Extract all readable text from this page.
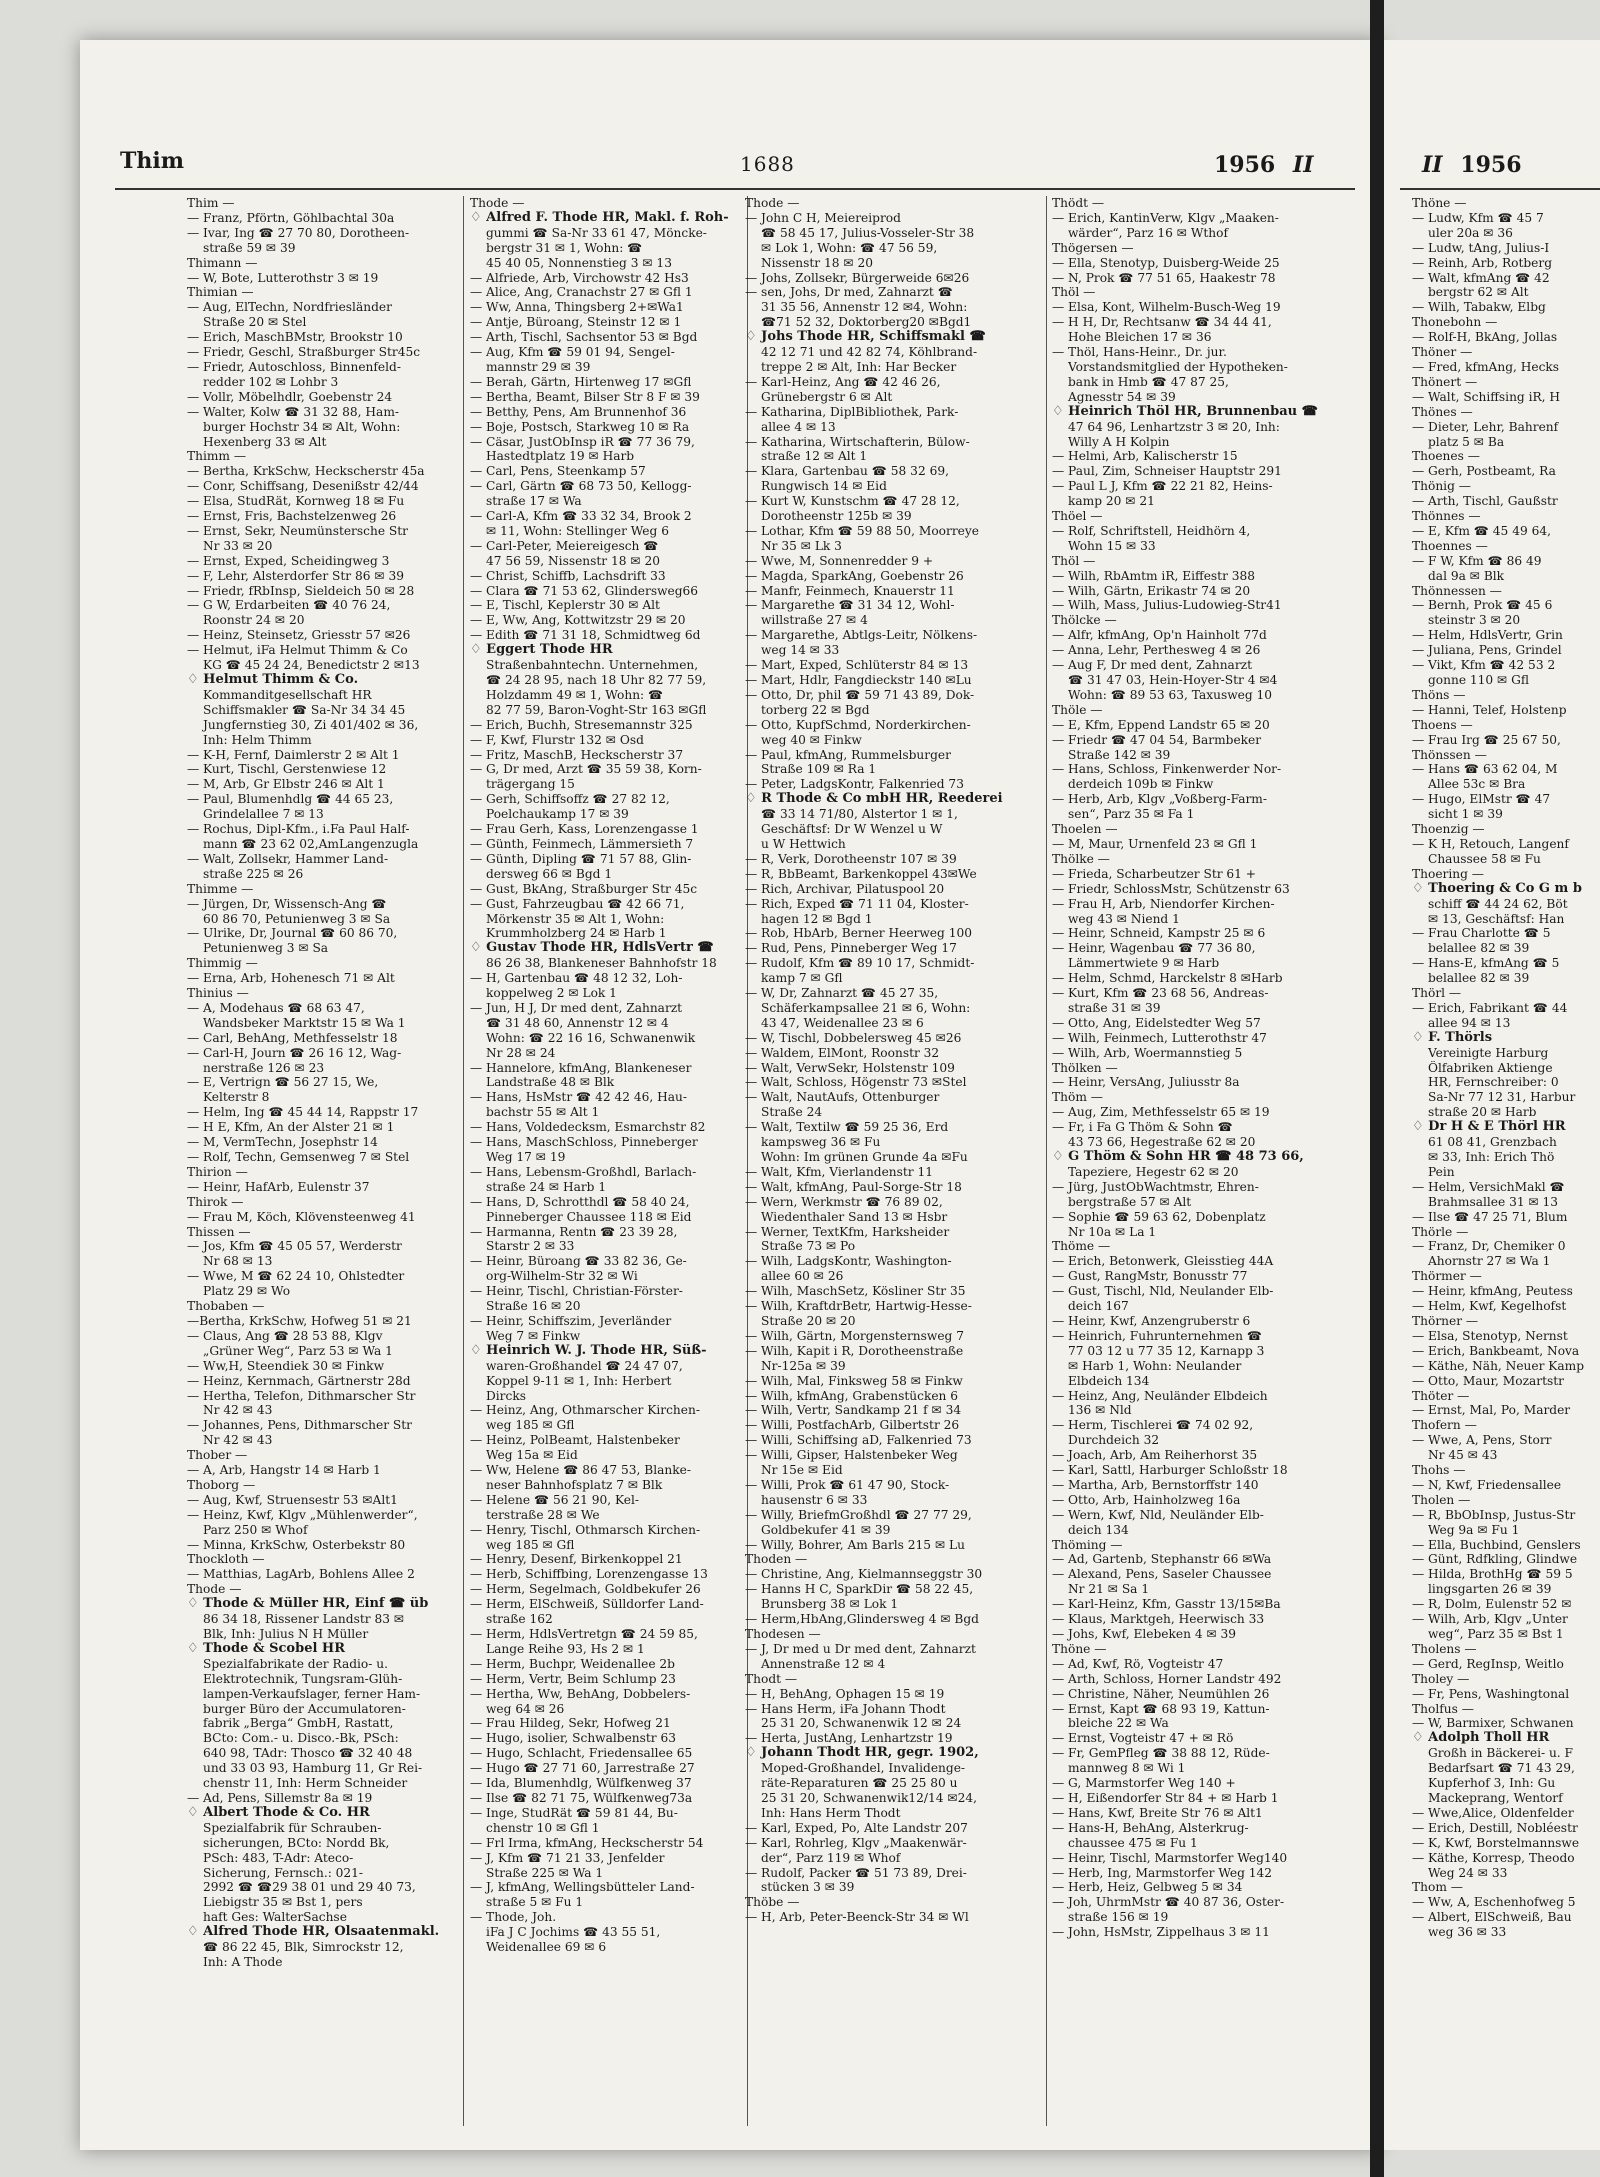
Thim	1688	1956 II	II 1956
Thim —
— Franz, Pförtn, Göhlbachtal 30a
— Ivar, Ing ☎ 27 70 80, Dorotheen-
straße 59 ✉ 39
Thimann —
— W, Bote, Lutterothstr 3 ✉ 19
Thimian —
— Aug, ElTechn, Nordfriesländer
Straße 20 ✉ Stel
— Erich, MaschBMstr, Brookstr 10
— Friedr, Geschl, Straßburger Str45c
— Friedr, Autoschloss, Binnenfeld-
redder 102 ✉ Lohbr 3
— Vollr, Möbelhdlr, Goebenstr 24
— Walter, Kolw ☎ 31 32 88, Ham-
burger Hochstr 34 ✉ Alt, Wohn:
Hexenberg 33 ✉ Alt
Thimm —
— Bertha, KrkSchw, Heckscherstr 45a
— Conr, Schiffsang, Desenißstr 42/44
— Elsa, StudRät, Kornweg 18 ✉ Fu
— Ernst, Fris, Bachstelzenweg 26
— Ernst, Sekr, Neumünstersche Str
Nr 33 ✉ 20
— Ernst, Exped, Scheidingweg 3
— F, Lehr, Alsterdorfer Str 86 ✉ 39
— Friedr, fRbInsp, Sieldeich 50 ✉ 28
— G W, Erdarbeiten ☎ 40 76 24,
Roonstr 24 ✉ 20
— Heinz, Steinsetz, Griesstr 57 ✉26
— Helmut, iFa Helmut Thimm & Co
KG ☎ 45 24 24, Benedictstr 2 ✉13
♢ Helmut Thimm & Co.
Kommanditgesellschaft HR
Schiffsmakler ☎ Sa-Nr 34 34 45
Jungfernstieg 30, Zi 401/402 ✉ 36,
Inh: Helm Thimm
— K-H, Fernf, Daimlerstr 2 ✉ Alt 1
— Kurt, Tischl, Gerstenwiese 12
— M, Arb, Gr Elbstr 246 ✉ Alt 1
— Paul, Blumenhdlg ☎ 44 65 23,
Grindelallee 7 ✉ 13
— Rochus, Dipl-Kfm., i.Fa Paul Half-
mann ☎ 23 62 02,AmLangenzugla
— Walt, Zollsekr, Hammer Land-
straße 225 ✉ 26
Thimme —
— Jürgen, Dr, Wissensch-Ang ☎
60 86 70, Petunienweg 3 ✉ Sa
— Ulrike, Dr, Journal ☎ 60 86 70,
Petunienweg 3 ✉ Sa
Thimmig —
— Erna, Arb, Hohenesch 71 ✉ Alt
Thinius —
— A, Modehaus ☎ 68 63 47,
Wandsbeker Marktstr 15 ✉ Wa 1
— Carl, BehAng, Methfesselstr 18
— Carl-H, Journ ☎ 26 16 12, Wag-
nerstraße 126 ✉ 23
— E, Vertrign ☎ 56 27 15, We,
Kelterstr 8
— Helm, Ing ☎ 45 44 14, Rappstr 17
— H E, Kfm, An der Alster 21 ✉ 1
— M, VermTechn, Josephstr 14
— Rolf, Techn, Gemsenweg 7 ✉ Stel
Thirion —
— Heinr, HafArb, Eulenstr 37
Thirok —
— Frau M, Köch, Klövensteenweg 41
Thissen —
— Jos, Kfm ☎ 45 05 57, Werderstr
Nr 68 ✉ 13
— Wwe, M ☎ 62 24 10, Ohlstedter
Platz 29 ✉ Wo
Thobaben —
—Bertha, KrkSchw, Hofweg 51 ✉ 21
— Claus, Ang ☎ 28 53 88, Klgv
„Grüner Weg“, Parz 53 ✉ Wa 1
— Ww,H, Steendiek 30 ✉ Finkw
— Heinz, Kernmach, Gärtnerstr 28d
— Hertha, Telefon, Dithmarscher Str
Nr 42 ✉ 43
— Johannes, Pens, Dithmarscher Str
Nr 42 ✉ 43
Thober —
— A, Arb, Hangstr 14 ✉ Harb 1
Thoborg —
— Aug, Kwf, Struensestr 53 ✉Alt1
— Heinz, Kwf, Klgv „Mühlenwerder“,
Parz 250 ✉ Whof
— Minna, KrkSchw, Osterbekstr 80
Thockloth —
— Matthias, LagArb, Bohlens Allee 2
Thode —
♢ Thode & Müller HR, Einf ☎ üb
86 34 18, Rissener Landstr 83 ✉
Blk, Inh: Julius N H Müller
♢ Thode & Scobel HR
Spezialfabrikate der Radio- u.
Elektrotechnik, Tungsram-Glüh-
lampen-Verkaufslager, ferner Ham-
burger Büro der Accumulatoren-
fabrik „Berga“ GmbH, Rastatt,
BCto: Com.- u. Disco.-Bk, PSch:
640 98, TAdr: Thosco ☎ 32 40 48
und 33 03 93, Hamburg 11, Gr Rei-
chenstr 11, Inh: Herm Schneider
— Ad, Pens, Sillemstr 8a ✉ 19
♢ Albert Thode & Co. HR
Spezialfabrik für Schrauben-
sicherungen, BCto: Nordd Bk,
PSch: 483, T-Adr: Ateco-
Sicherung, Fernsch.: 021-
2992 ☎ ☎29 38 01 und 29 40 73,
Liebigstr 35 ✉ Bst 1, pers
haft Ges: WalterSachse
♢ Alfred Thode HR, Ölsaatenmakl.
☎ 86 22 45, Blk, Simrockstr 12,
Inh: A Thode
Thode —
♢ Alfred F. Thode HR, Makl. f. Roh-
gummi ☎ Sa-Nr 33 61 47, Möncke-
bergstr 31 ✉ 1, Wohn: ☎
45 40 05, Nonnenstieg 3 ✉ 13
— Alfriede, Arb, Virchowstr 42 Hs3
— Alice, Ang, Cranachstr 27 ✉ Gfl 1
— Ww, Anna, Thingsberg 2+✉Wa1
— Antje, Büroang, Steinstr 12 ✉ 1
— Arth, Tischl, Sachsentor 53 ✉ Bgd
— Aug, Kfm ☎ 59 01 94, Sengel-
mannstr 29 ✉ 39
— Berah, Gärtn, Hirtenweg 17 ✉Gfl
— Bertha, Beamt, Bilser Str 8 F ✉ 39
— Betthy, Pens, Am Brunnenhof 36
— Boje, Postsch, Starkweg 10 ✉ Ra
— Cäsar, JustObInsp iR ☎ 77 36 79,
Hastedtplatz 19 ✉ Harb
— Carl, Pens, Steenkamp 57
— Carl, Gärtn ☎ 68 73 50, Kellogg-
straße 17 ✉ Wa
— Carl-A, Kfm ☎ 33 32 34, Brook 2
✉ 11, Wohn: Stellinger Weg 6
— Carl-Peter, Meiereigesch ☎
47 56 59, Nissenstr 18 ✉ 20
— Christ, Schiffb, Lachsdrift 33
— Clara ☎ 71 53 62, Glindersweg66
— E, Tischl, Keplerstr 30 ✉ Alt
— E, Ww, Ang, Kottwitzstr 29 ✉ 20
— Edith ☎ 71 31 18, Schmidtweg 6d
♢ Eggert Thode HR
Straßenbahntechn. Unternehmen,
☎ 24 28 95, nach 18 Uhr 82 77 59,
Holzdamm 49 ✉ 1, Wohn: ☎
82 77 59, Baron-Voght-Str 163 ✉Gfl
— Erich, Buchh, Stresemannstr 325
— F, Kwf, Flurstr 132 ✉ Osd
— Fritz, MaschB, Heckscherstr 37
— G, Dr med, Arzt ☎ 35 59 38, Korn-
trägergang 15
— Gerh, Schiffsoffz ☎ 27 82 12,
Poelchaukamp 17 ✉ 39
— Frau Gerh, Kass, Lorenzengasse 1
— Günth, Feinmech, Lämmersieth 7
— Günth, Dipling ☎ 71 57 88, Glin-
dersweg 66 ✉ Bgd 1
— Gust, BkAng, Straßburger Str 45c
— Gust, Fahrzeugbau ☎ 42 66 71,
Mörkenstr 35 ✉ Alt 1, Wohn:
Krummholzberg 24 ✉ Harb 1
♢ Gustav Thode HR, HdlsVertr ☎
86 26 38, Blankeneser Bahnhofstr 18
— H, Gartenbau ☎ 48 12 32, Loh-
koppelweg 2 ✉ Lok 1
— Jun, H J, Dr med dent, Zahnarzt
☎ 31 48 60, Annenstr 12 ✉ 4
Wohn: ☎ 22 16 16, Schwanenwik
Nr 28 ✉ 24
— Hannelore, kfmAng, Blankeneser
Landstraße 48 ✉ Blk
— Hans, HsMstr ☎ 42 42 46, Hau-
bachstr 55 ✉ Alt 1
— Hans, Voldedecksm, Esmarchstr 82
— Hans, MaschSchloss, Pinneberger
Weg 17 ✉ 19
— Hans, Lebensm-Großhdl, Barlach-
straße 24 ✉ Harb 1
— Hans, D, Schrotthdl ☎ 58 40 24,
Pinneberger Chaussee 118 ✉ Eid
— Harmanna, Rentn ☎ 23 39 28,
Starstr 2 ✉ 33
— Heinr, Büroang ☎ 33 82 36, Ge-
org-Wilhelm-Str 32 ✉ Wi
— Heinr, Tischl, Christian-Förster-
Straße 16 ✉ 20
— Heinr, Schiffszim, Jeverländer
Weg 7 ✉ Finkw
♢ Heinrich W. J. Thode HR, Süß-
waren-Großhandel ☎ 24 47 07,
Koppel 9-11 ✉ 1, Inh: Herbert
Dircks
— Heinz, Ang, Othmarscher Kirchen-
weg 185 ✉ Gfl
— Heinz, PolBeamt, Halstenbeker
Weg 15a ✉ Eid
— Ww, Helene ☎ 86 47 53, Blanke-
neser Bahnhofsplatz 7 ✉ Blk
— Helene ☎ 56 21 90, Kel-
terstraße 28 ✉ We
— Henry, Tischl, Othmarsch Kirchen-
weg 185 ✉ Gfl
— Henry, Desenf, Birkenkoppel 21
— Herb, Schiffbing, Lorenzengasse 13
— Herm, Segelmach, Goldbekufer 26
— Herm, ElSchweiß, Sülldorfer Land-
straße 162
— Herm, HdlsVertretgn ☎ 24 59 85,
Lange Reihe 93, Hs 2 ✉ 1
— Herm, Buchpr, Weidenallee 2b
— Herm, Vertr, Beim Schlump 23
— Hertha, Ww, BehAng, Dobbelers-
weg 64 ✉ 26
— Frau Hildeg, Sekr, Hofweg 21
— Hugo, isolier, Schwalbenstr 63
— Hugo, Schlacht, Friedensallee 65
— Hugo ☎ 27 71 60, Jarrestraße 27
— Ida, Blumenhdlg, Wülfkenweg 37
— Ilse ☎ 82 71 75, Wülfkenweg73a
— Inge, StudRät ☎ 59 81 44, Bu-
chenstr 10 ✉ Gfl 1
— Frl Irma, kfmAng, Heckscherstr 54
— J, Kfm ☎ 71 21 33, Jenfelder
Straße 225 ✉ Wa 1
— J, kfmAng, Wellingsbütteler Land-
straße 5 ✉ Fu 1
— Thode, Joh.
iFa J C Jochims ☎ 43 55 51,
Weidenallee 69 ✉ 6
Thode —
— John C H, Meiereiprod
☎ 58 45 17, Julius-Vosseler-Str 38
✉ Lok 1, Wohn: ☎ 47 56 59,
Nissenstr 18 ✉ 20
— Johs, Zollsekr, Bürgerweide 6✉26
— sen, Johs, Dr med, Zahnarzt ☎
31 35 56, Annenstr 12 ✉4, Wohn:
☎71 52 32, Doktorberg20 ✉Bgd1
♢ Johs Thode HR, Schiffsmakl ☎
42 12 71 und 42 82 74, Köhlbrand-
treppe 2 ✉ Alt, Inh: Har Becker
— Karl-Heinz, Ang ☎ 42 46 26,
Grünebergstr 6 ✉ Alt
— Katharina, DiplBibliothek, Park-
allee 4 ✉ 13
— Katharina, Wirtschafterin, Bülow-
straße 12 ✉ Alt 1
— Klara, Gartenbau ☎ 58 32 69,
Rungwisch 14 ✉ Eid
— Kurt W, Kunstschm ☎ 47 28 12,
Dorotheenstr 125b ✉ 39
— Lothar, Kfm ☎ 59 88 50, Moorreye
Nr 35 ✉ Lk 3
— Wwe, M, Sonnenredder 9 +
— Magda, SparkAng, Goebenstr 26
— Manfr, Feinmech, Knauerstr 11
— Margarethe ☎ 31 34 12, Wohl-
willstraße 27 ✉ 4
— Margarethe, Abtlgs-Leitr, Nölkens-
weg 14 ✉ 33
— Mart, Exped, Schlüterstr 84 ✉ 13
— Mart, Hdlr, Fangdieckstr 140 ✉Lu
— Otto, Dr, phil ☎ 59 71 43 89, Dok-
torberg 22 ✉ Bgd
— Otto, KupfSchmd, Norderkirchen-
weg 40 ✉ Finkw
— Paul, kfmAng, Rummelsburger
Straße 109 ✉ Ra 1
— Peter, LadgsKontr, Falkenried 73
♢ R Thode & Co mbH HR, Reederei
☎ 33 14 71/80, Alstertor 1 ✉ 1,
Geschäftsf: Dr W Wenzel u W
u W Hettwich
— R, Verk, Dorotheenstr 107 ✉ 39
— R, BbBeamt, Barkenkoppel 43✉We
— Rich, Archivar, Pilatuspool 20
— Rich, Exped ☎ 71 11 04, Kloster-
hagen 12 ✉ Bgd 1
— Rob, HbArb, Berner Heerweg 100
— Rud, Pens, Pinneberger Weg 17
— Rudolf, Kfm ☎ 89 10 17, Schmidt-
kamp 7 ✉ Gfl
— W, Dr, Zahnarzt ☎ 45 27 35,
Schäferkampsallee 21 ✉ 6, Wohn:
43 47, Weidenallee 23 ✉ 6
— W, Tischl, Dobbelersweg 45 ✉26
— Waldem, ElMont, Roonstr 32
— Walt, VerwSekr, Holstenstr 109
— Walt, Schloss, Högenstr 73 ✉Stel
— Walt, NautAufs, Ottenburger
Straße 24
— Walt, Textilw ☎ 59 25 36, Erd
kampsweg 36 ✉ Fu
Wohn: Im grünen Grunde 4a ✉Fu
— Walt, Kfm, Vierlandenstr 11
— Walt, kfmAng, Paul-Sorge-Str 18
— Wern, Werkmstr ☎ 76 89 02,
Wiedenthaler Sand 13 ✉ Hsbr
— Werner, TextKfm, Harksheider
Straße 73 ✉ Po
— Wilh, LadgsKontr, Washington-
allee 60 ✉ 26
— Wilh, MaschSetz, Kösliner Str 35
— Wilh, KraftdrBetr, Hartwig-Hesse-
Straße 20 ✉ 20
— Wilh, Gärtn, Morgensternsweg 7
— Wilh, Kapit i R, Dorotheenstraße
Nr-125a ✉ 39
— Wilh, Mal, Finksweg 58 ✉ Finkw
— Wilh, kfmAng, Grabenstücken 6
— Wilh, Vertr, Sandkamp 21 f ✉ 34
— Willi, PostfachArb, Gilbertstr 26
— Willi, Schiffsing aD, Falkenried 73
— Willi, Gipser, Halstenbeker Weg
Nr 15e ✉ Eid
— Willi, Prok ☎ 61 47 90, Stock-
hausenstr 6 ✉ 33
— Willy, BriefmGroßhdl ☎ 27 77 29,
Goldbekufer 41 ✉ 39
— Willy, Bohrer, Am Barls 215 ✉ Lu
Thoden —
— Christine, Ang, Kielmannseggstr 30
— Hanns H C, SparkDir ☎ 58 22 45,
Brunsberg 38 ✉ Lok 1
— Herm,HbAng,Glindersweg 4 ✉ Bgd
Thodesen —
— J, Dr med u Dr med dent, Zahnarzt
Annenstraße 12 ✉ 4
Thodt —
— H, BehAng, Ophagen 15 ✉ 19
— Hans Herm, iFa Johann Thodt
25 31 20, Schwanenwik 12 ✉ 24
— Herta, JustAng, Lenhartzstr 19
♢ Johann Thodt HR, gegr. 1902,
Moped-Großhandel, Invalidenge-
räte-Reparaturen ☎ 25 25 80 u
25 31 20, Schwanenwik12/14 ✉24,
Inh: Hans Herm Thodt
— Karl, Exped, Po, Alte Landstr 207
— Karl, Rohrleg, Klgv „Maakenwär-
der“, Parz 119 ✉ Whof
— Rudolf, Packer ☎ 51 73 89, Drei-
stücken 3 ✉ 39
Thöbe —
— H, Arb, Peter-Beenck-Str 34 ✉ Wl
Thödt —
— Erich, KantinVerw, Klgv „Maaken-
wärder“, Parz 16 ✉ Wthof
Thögersen —
— Ella, Stenotyp, Duisberg-Weide 25
— N, Prok ☎ 77 51 65, Haakestr 78
Thöl —
— Elsa, Kont, Wilhelm-Busch-Weg 19
— H H, Dr, Rechtsanw ☎ 34 44 41,
Hohe Bleichen 17 ✉ 36
— Thöl, Hans-Heinr., Dr. jur.
Vorstandsmitglied der Hypotheken-
bank in Hmb ☎ 47 87 25,
Agnesstr 54 ✉ 39
♢ Heinrich Thöl HR, Brunnenbau ☎
47 64 96, Lenhartzstr 3 ✉ 20, Inh:
Willy A H Kolpin
— Helmi, Arb, Kalischerstr 15
— Paul, Zim, Schneiser Hauptstr 291
— Paul L J, Kfm ☎ 22 21 82, Heins-
kamp 20 ✉ 21
Thöel —
— Rolf, Schriftstell, Heidhörn 4,
Wohn 15 ✉ 33
Thöl —
— Wilh, RbAmtm iR, Eiffestr 388
— Wilh, Gärtn, Erikastr 74 ✉ 20
— Wilh, Mass, Julius-Ludowieg-Str41
Thölcke —
— Alfr, kfmAng, Op'n Hainholt 77d
— Anna, Lehr, Perthesweg 4 ✉ 26
— Aug F, Dr med dent, Zahnarzt
☎ 31 47 03, Hein-Hoyer-Str 4 ✉4
Wohn: ☎ 89 53 63, Taxusweg 10
Thöle —
— E, Kfm, Eppend Landstr 65 ✉ 20
— Friedr ☎ 47 04 54, Barmbeker
Straße 142 ✉ 39
— Hans, Schloss, Finkenwerder Nor-
derdeich 109b ✉ Finkw
— Herb, Arb, Klgv „Voßberg-Farm-
sen“, Parz 35 ✉ Fa 1
Thoelen —
— M, Maur, Urnenfeld 23 ✉ Gfl 1
Thölke —
— Frieda, Scharbeutzer Str 61 +
— Friedr, SchlossMstr, Schützenstr 63
— Frau H, Arb, Niendorfer Kirchen-
weg 43 ✉ Niend 1
— Heinr, Schneid, Kampstr 25 ✉ 6
— Heinr, Wagenbau ☎ 77 36 80,
Lämmertwiete 9 ✉ Harb
— Helm, Schmd, Harckelstr 8 ✉Harb
— Kurt, Kfm ☎ 23 68 56, Andreas-
straße 31 ✉ 39
— Otto, Ang, Eidelstedter Weg 57
— Wilh, Feinmech, Lutterothstr 47
— Wilh, Arb, Woermannstieg 5
Thölken —
— Heinr, VersAng, Juliusstr 8a
Thöm —
— Aug, Zim, Methfesselstr 65 ✉ 19
— Fr, i Fa G Thöm & Sohn ☎
43 73 66, Hegestraße 62 ✉ 20
♢ G Thöm & Sohn HR ☎ 48 73 66,
Tapeziere, Hegestr 62 ✉ 20
— Jürg, JustObWachtmstr, Ehren-
bergstraße 57 ✉ Alt
— Sophie ☎ 59 63 62, Dobenplatz
Nr 10a ✉ La 1
Thöme —
— Erich, Betonwerk, Gleisstieg 44A
— Gust, RangMstr, Bonusstr 77
— Gust, Tischl, Nld, Neulander Elb-
deich 167
— Heinr, Kwf, Anzengruberstr 6
— Heinrich, Fuhrunternehmen ☎
77 03 12 u 77 35 12, Karnapp 3
✉ Harb 1, Wohn: Neulander
Elbdeich 134
— Heinz, Ang, Neuländer Elbdeich
136 ✉ Nld
— Herm, Tischlerei ☎ 74 02 92,
Durchdeich 32
— Joach, Arb, Am Reiherhorst 35
— Karl, Sattl, Harburger Schloßstr 18
— Martha, Arb, Bernstorffstr 140
— Otto, Arb, Hainholzweg 16a
— Wern, Kwf, Nld, Neuländer Elb-
deich 134
Thöming —
— Ad, Gartenb, Stephanstr 66 ✉Wa
— Alexand, Pens, Saseler Chaussee
Nr 21 ✉ Sa 1
— Karl-Heinz, Kfm, Gasstr 13/15✉Ba
— Klaus, Marktgeh, Heerwisch 33
— Johs, Kwf, Elebeken 4 ✉ 39
Thöne —
— Ad, Kwf, Rö, Vogteistr 47
— Arth, Schloss, Horner Landstr 492
— Christine, Näher, Neumühlen 26
— Ernst, Kapt ☎ 68 93 19, Kattun-
bleiche 22 ✉ Wa
— Ernst, Vogteistr 47 + ✉ Rö
— Fr, GemPfleg ☎ 38 88 12, Rüde-
mannweg 8 ✉ Wi 1
— G, Marmstorfer Weg 140 +
— H, Eißendorfer Str 84 + ✉ Harb 1
— Hans, Kwf, Breite Str 76 ✉ Alt1
— Hans-H, BehAng, Alsterkrug-
chaussee 475 ✉ Fu 1
— Heinr, Tischl, Marmstorfer Weg140
— Herb, Ing, Marmstorfer Weg 142
— Herb, Heiz, Gelbweg 5 ✉ 34
— Joh, UhrmMstr ☎ 40 87 36, Oster-
straße 156 ✉ 19
— John, HsMstr, Zippelhaus 3 ✉ 11
Thöne —
— Ludw, Kfm ☎ 45 7
uler 20a ✉ 36
— Ludw, tAng, Julius-I
— Reinh, Arb, Rotberg
— Walt, kfmAng ☎ 42
bergstr 62 ✉ Alt
— Wilh, Tabakw, Elbg
Thonebohn —
— Rolf-H, BkAng, Jollas
Thöner —
— Fred, kfmAng, Hecks
Thönert —
— Walt, Schiffsing iR, H
Thönes —
— Dieter, Lehr, Bahrenf
platz 5 ✉ Ba
Thoenes —
— Gerh, Postbeamt, Ra
Thönig —
— Arth, Tischl, Gaußstr
Thönnes —
— E, Kfm ☎ 45 49 64,
Thoennes —
— F W, Kfm ☎ 86 49
dal 9a ✉ Blk
Thönnessen —
— Bernh, Prok ☎ 45 6
steinstr 3 ✉ 20
— Helm, HdlsVertr, Grin
— Juliana, Pens, Grindel
— Vikt, Kfm ☎ 42 53 2
gonne 110 ✉ Gfl
Thöns —
— Hanni, Telef, Holstenp
Thoens —
— Frau Irg ☎ 25 67 50,
Thönssen —
— Hans ☎ 63 62 04, M
Allee 53c ✉ Bra
— Hugo, ElMstr ☎ 47
sicht 1 ✉ 39
Thoenzig —
— K H, Retouch, Langenf
Chaussee 58 ✉ Fu
Thoering —
♢ Thoering & Co G m b
schiff ☎ 44 24 62, Böt
✉ 13, Geschäftsf: Han
— Frau Charlotte ☎ 5
belallee 82 ✉ 39
— Hans-E, kfmAng ☎ 5
belallee 82 ✉ 39
Thörl —
— Erich, Fabrikant ☎ 44
allee 94 ✉ 13
♢ F. Thörls
Vereinigte Harburg
Ölfabriken Aktienge
HR, Fernschreiber: 0
Sa-Nr 77 12 31, Harbur
straße 20 ✉ Harb
♢ Dr H & E Thörl HR
61 08 41, Grenzbach
✉ 33, Inh: Erich Thö
Pein
— Helm, VersichMakl ☎
Brahmsallee 31 ✉ 13
— Ilse ☎ 47 25 71, Blum
Thörle —
— Franz, Dr, Chemiker 0
Ahornstr 27 ✉ Wa 1
Thörmer —
— Heinr, kfmAng, Peutess
— Helm, Kwf, Kegelhofst
Thörner —
— Elsa, Stenotyp, Nernst
— Erich, Bankbeamt, Nova
— Käthe, Näh, Neuer Kamp
— Otto, Maur, Mozartstr
Thöter —
— Ernst, Mal, Po, Marder
Thofern —
— Wwe, A, Pens, Storr
Nr 45 ✉ 43
Thohs —
— N, Kwf, Friedensallee
Tholen —
— R, BbObInsp, Justus-Str
Weg 9a ✉ Fu 1
— Ella, Buchbind, Genslers
— Günt, Rdfkling, Glindwe
— Hilda, BrothHg ☎ 59 5
lingsgarten 26 ✉ 39
— R, Dolm, Eulenstr 52 ✉
— Wilh, Arb, Klgv „Unter
weg“, Parz 35 ✉ Bst 1
Tholens —
— Gerd, RegInsp, Weitlo
Tholey —
— Fr, Pens, Washingtonal
Tholfus —
— W, Barmixer, Schwanen
♢ Adolph Tholl HR
Großh in Bäckerei- u. F
Bedarfsart ☎ 71 43 29,
Kupferhof 3, Inh: Gu
Mackeprang, Wentorf
— Wwe,Alice, Oldenfelder
— Erich, Destill, Nobléestr
— K, Kwf, Borstelmannswe
— Käthe, Korresp, Theodo
Weg 24 ✉ 33
Thom —
— Ww, A, Eschenhofweg 5
— Albert, ElSchweiß, Bau
weg 36 ✉ 33
